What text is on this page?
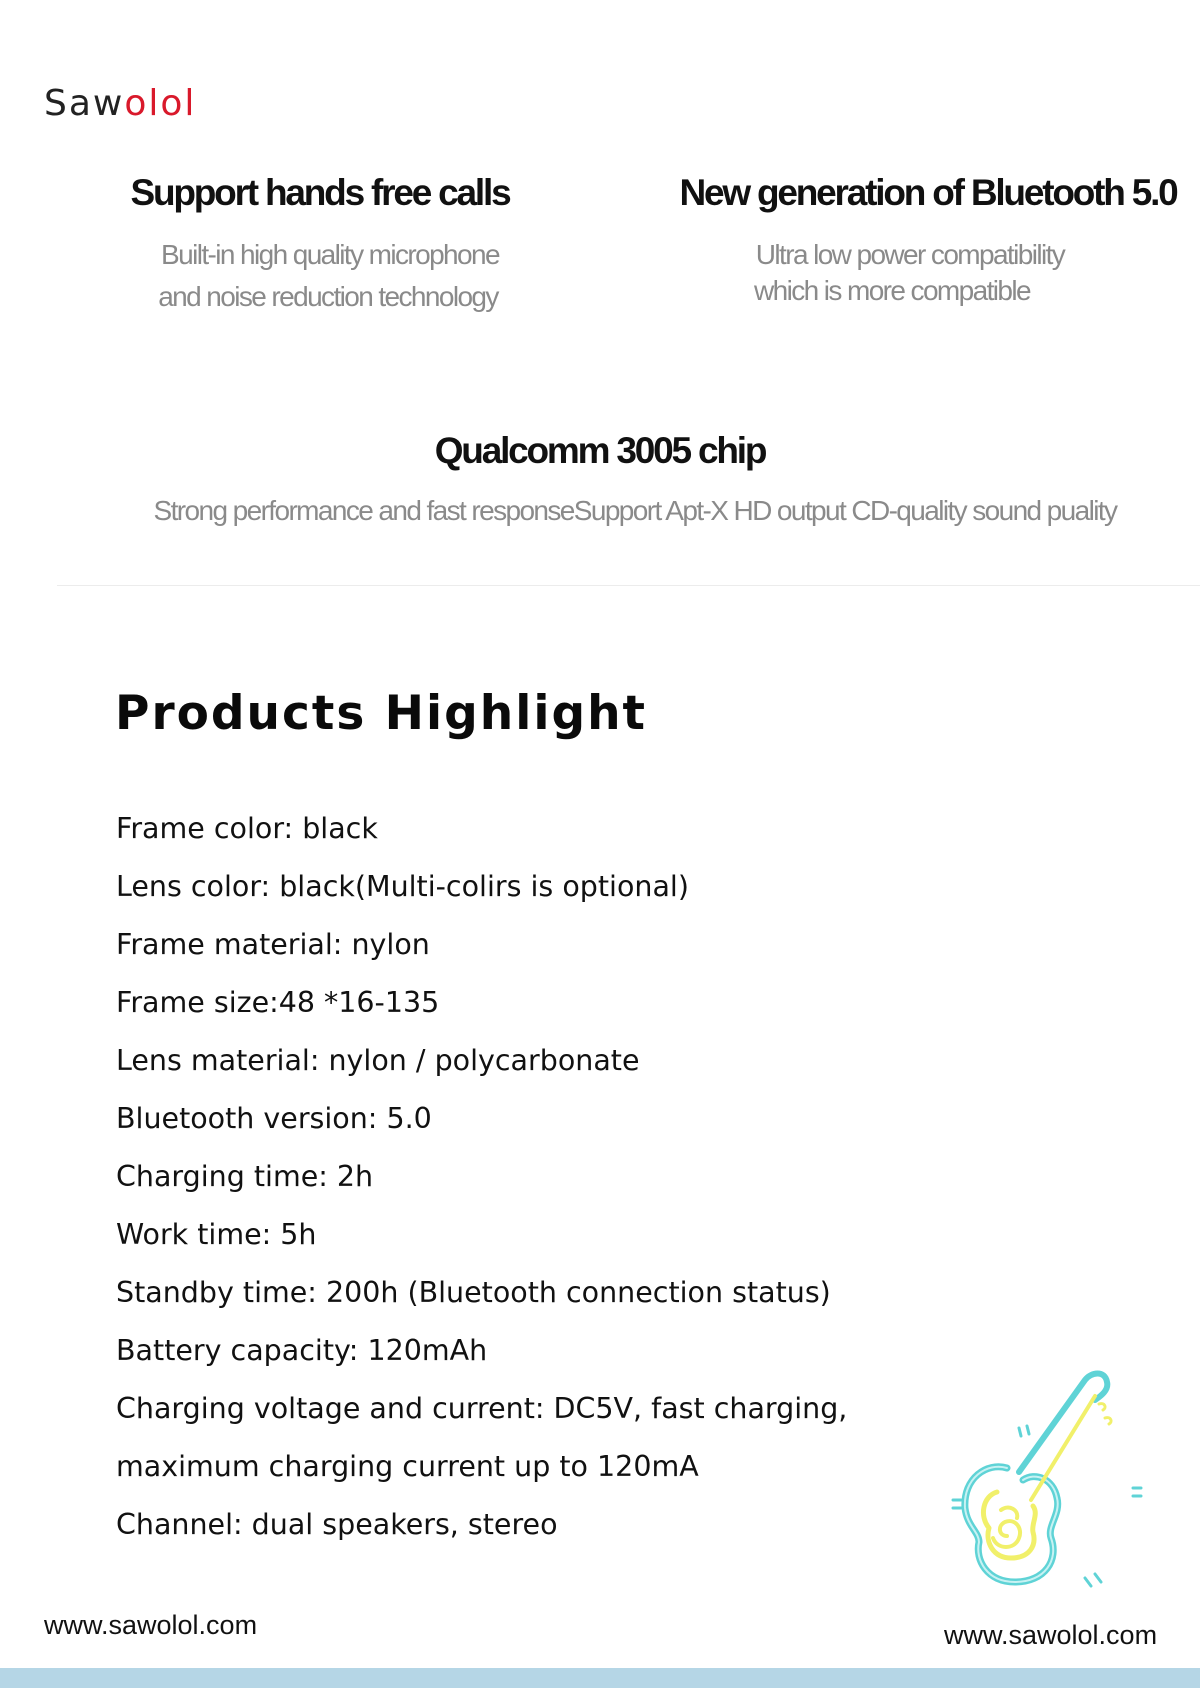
Sawolol
Support hands free calls
Built-in high quality microphone
and noise reduction technology
New generation of Bluetooth 5.0
Ultra low power compatibility
which is more compatible
Qualcomm 3005 chip
Strong performance and fast responseSupport Apt-X HD output CD-quality sound puality
Products Highlight
Frame color: black
Lens color: black(Multi-colirs is optional)
Frame material: nylon
Frame size:48 *16-135
Lens material: nylon / polycarbonate
Bluetooth version: 5.0
Charging time: 2h
Work time: 5h
Standby time: 200h (Bluetooth connection status)
Battery capacity: 120mAh
Charging voltage and current: DC5V, fast charging,
maximum charging current up to 120mA
Channel: dual speakers, stereo
www.sawolol.com	www.sawolol.com
